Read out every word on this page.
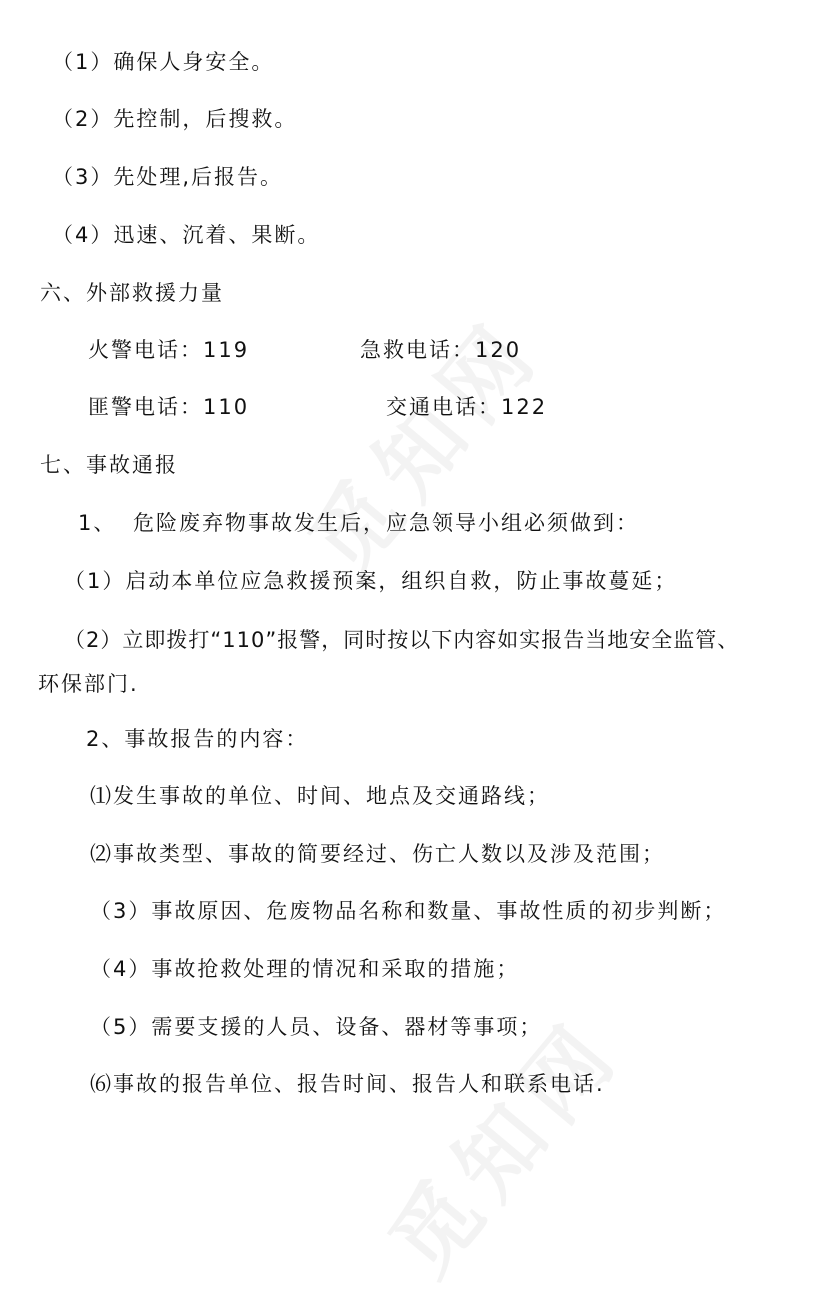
（1）确保人身安全。
（2）先控制，后搜救。
（3）先处理,后报告。
（4）迅速、沉着、果断。
六、外部救援力量
火警电话：119	急救电话：120
匪警电话：110	交通电话：122
七、事故通报
1、 危险废弃物事故发生后，应急领导小组必须做到：
（1）启动本单位应急救援预案，组织自救，防止事故蔓延；
（2）立即拨打“110”报警，同时按以下内容如实报告当地安全监管、
环保部门.
2、事故报告的内容：
⑴发生事故的单位、时间、地点及交通路线；
⑵事故类型、事故的简要经过、伤亡人数以及涉及范围；
（3）事故原因、危废物品名称和数量、事故性质的初步判断；
（4）事故抢救处理的情况和采取的措施；
（5）需要支援的人员、设备、器材等事项；
⑹事故的报告单位、报告时间、报告人和联系电话.
